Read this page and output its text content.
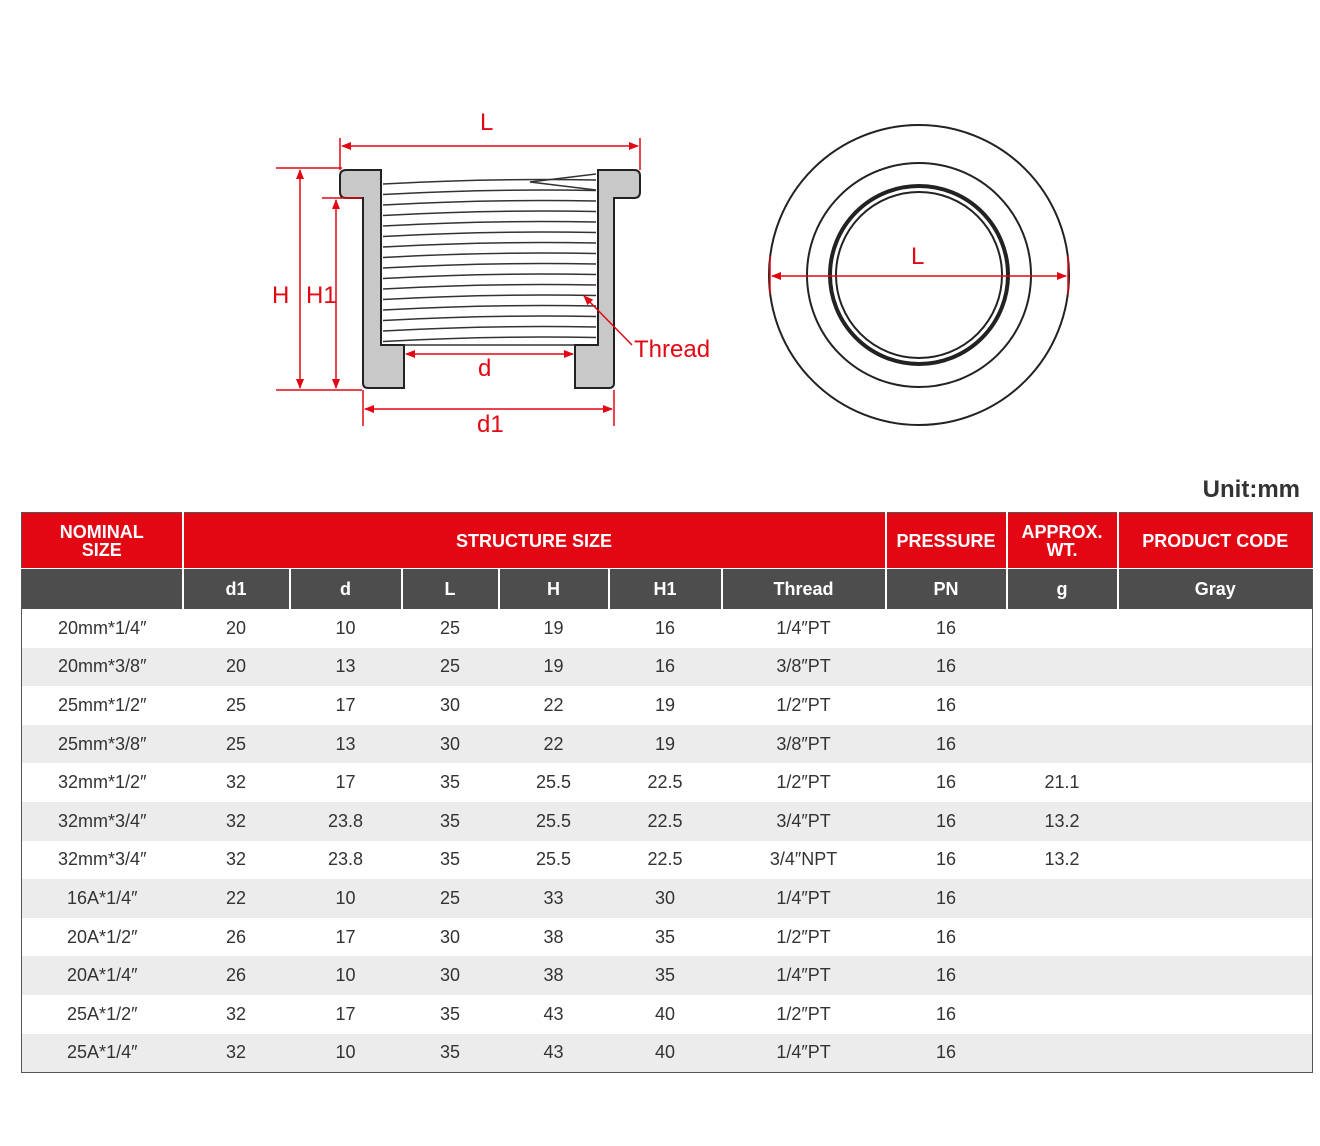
L
H H1
Thread
d
d1
L
Unit:mm
NOMINAL SIZE	STRUCTURE SIZE						PRESSURE	APPROX. WT.	PRODUCT CODE
	d1	d	L	H	H1	Thread	PN	g	Gray
20mm*1/4″	20	10	25	19	16	1/4″PT	16		
20mm*3/8″	20	13	25	19	16	3/8″PT	16		
25mm*1/2″	25	17	30	22	19	1/2″PT	16		
25mm*3/8″	25	13	30	22	19	3/8″PT	16		
32mm*1/2″	32	17	35	25.5	22.5	1/2″PT	16	21.1	
32mm*3/4″	32	23.8	35	25.5	22.5	3/4″PT	16	13.2	
32mm*3/4″	32	23.8	35	25.5	22.5	3/4″NPT	16	13.2	
16A*1/4″	22	10	25	33	30	1/4″PT	16		
20A*1/2″	26	17	30	38	35	1/2″PT	16		
20A*1/4″	26	10	30	38	35	1/4″PT	16		
25A*1/2″	32	17	35	43	40	1/2″PT	16		
25A*1/4″	32	10	35	43	40	1/4″PT	16		
